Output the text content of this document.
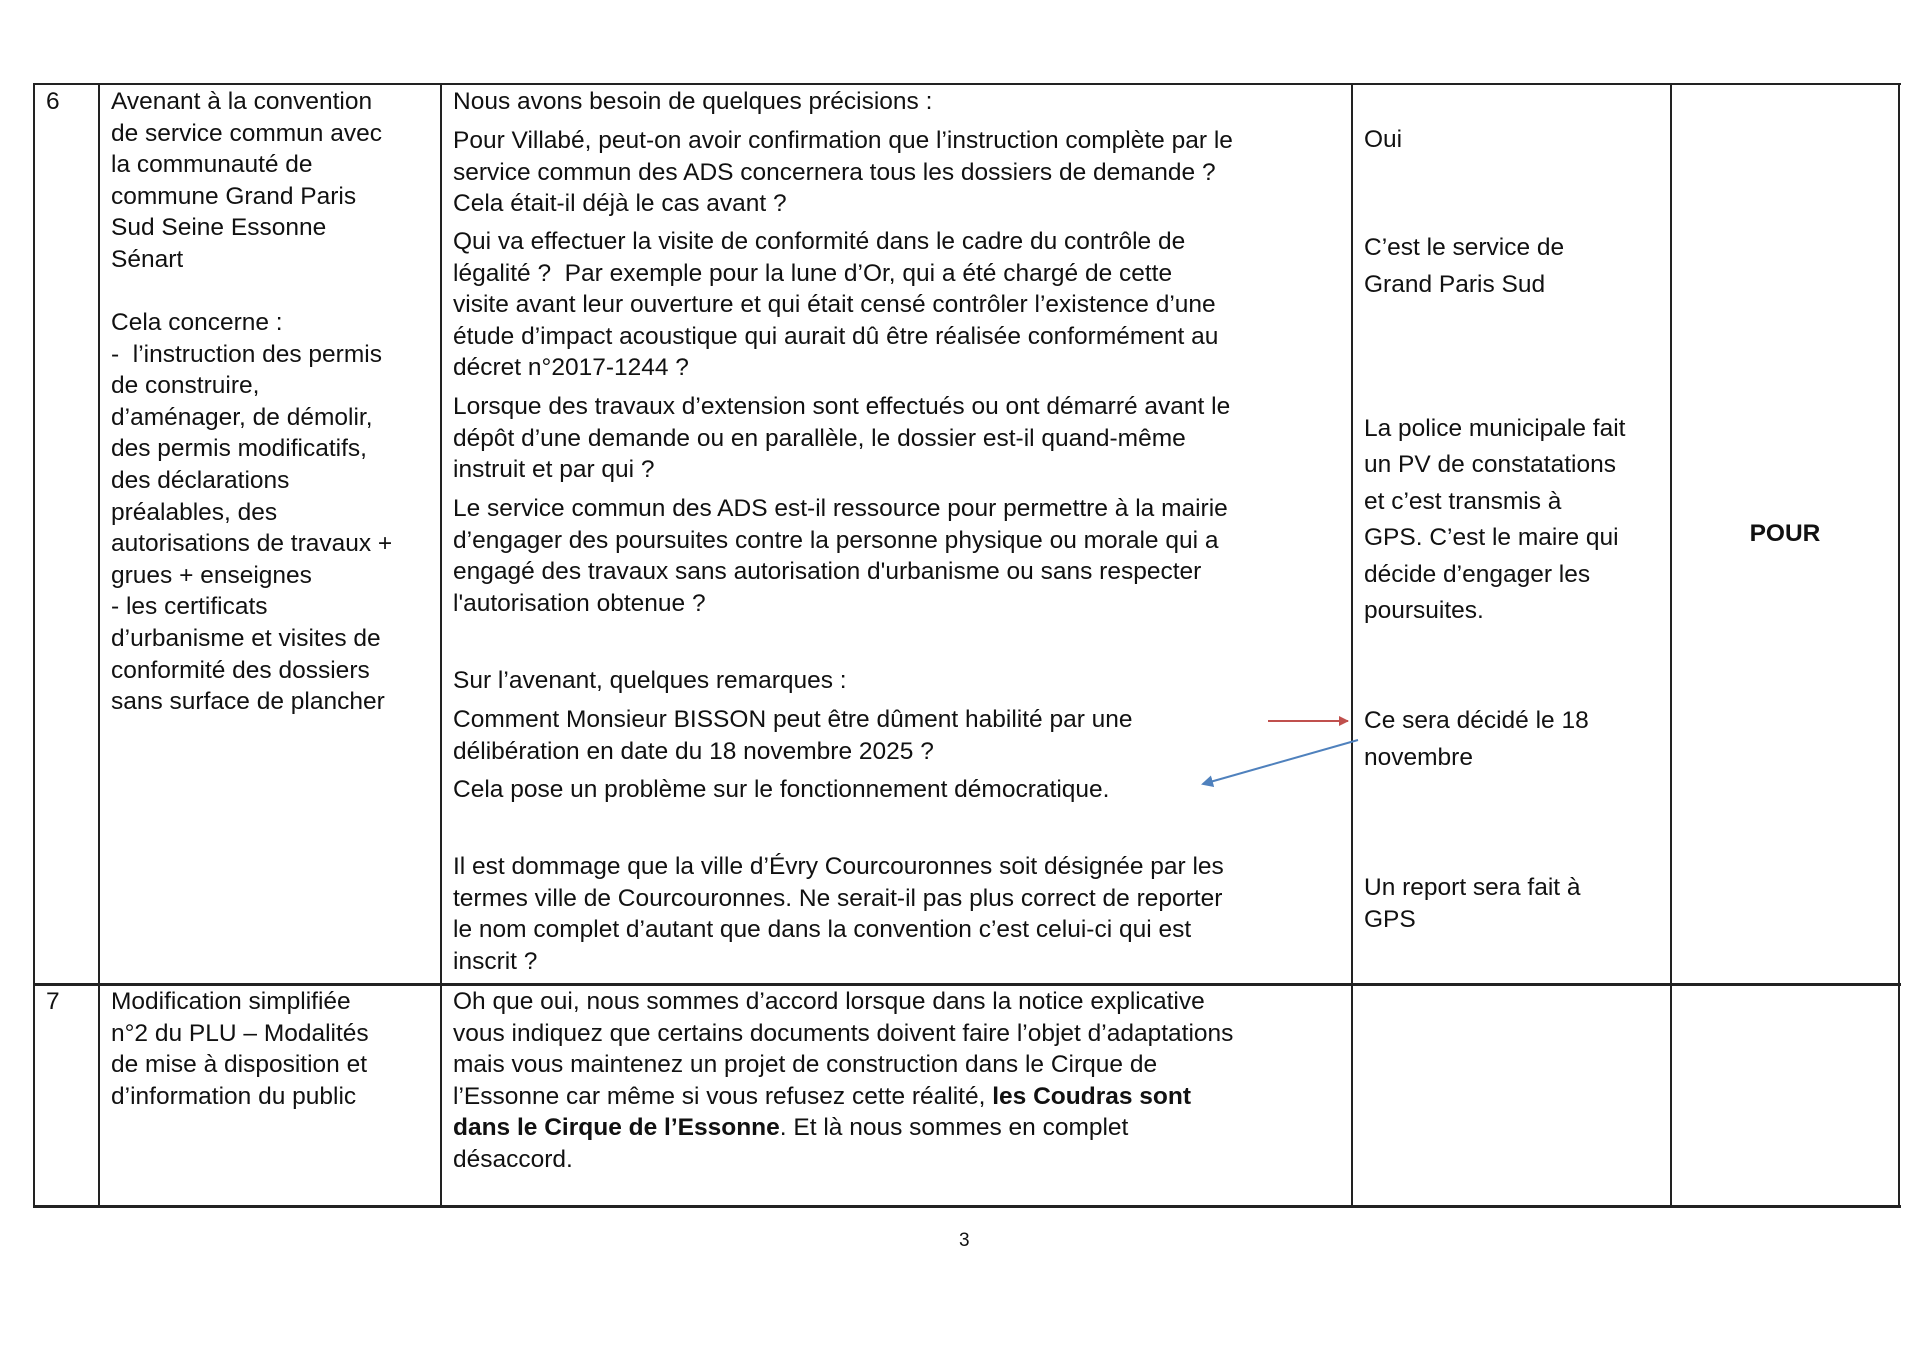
6 Avenant à la convention
de service commun avec
la communauté de
commune Grand Paris
Sud Seine Essonne
Sénart
Cela concerne :
-  l’instruction des permis
de construire,
d’aménager, de démolir,
des permis modificatifs,
des déclarations
préalables, des
autorisations de travaux +
grues + enseignes
- les certificats
d’urbanisme et visites de
conformité des dossiers
sans surface de plancher
Nous avons besoin de quelques précisions :
Pour Villabé, peut-on avoir confirmation que l’instruction complète par le
service commun des ADS concernera tous les dossiers de demande ?
Cela était-il déjà le cas avant ?
Qui va effectuer la visite de conformité dans le cadre du contrôle de
légalité ?  Par exemple pour la lune d’Or, qui a été chargé de cette
visite avant leur ouverture et qui était censé contrôler l’existence d’une
étude d’impact acoustique qui aurait dû être réalisée conformément au
décret n°2017-1244 ?
Lorsque des travaux d’extension sont effectués ou ont démarré avant le
dépôt d’une demande ou en parallèle, le dossier est-il quand-même
instruit et par qui ?
Le service commun des ADS est-il ressource pour permettre à la mairie
d’engager des poursuites contre la personne physique ou morale qui a
engagé des travaux sans autorisation d'urbanisme ou sans respecter
l'autorisation obtenue ?
Sur l’avenant, quelques remarques :
Comment Monsieur BISSON peut être dûment habilité par une
délibération en date du 18 novembre 2025 ?
Cela pose un problème sur le fonctionnement démocratique.
Il est dommage que la ville d’Évry Courcouronnes soit désignée par les
termes ville de Courcouronnes. Ne serait-il pas plus correct de reporter
le nom complet d’autant que dans la convention c’est celui-ci qui est
inscrit ?
Oui
C’est le service de
Grand Paris Sud
La police municipale fait
un PV de constatations
et c’est transmis à
GPS. C’est le maire qui
décide d’engager les
poursuites.
Ce sera décidé le 18
novembre
Un report sera fait à
GPS
POUR
7 Modification simplifiée
n°2 du PLU – Modalités
de mise à disposition et
d’information du public
Oh que oui, nous sommes d’accord lorsque dans la notice explicative
vous indiquez que certains documents doivent faire l’objet d’adaptations
mais vous maintenez un projet de construction dans le Cirque de
l’Essonne car même si vous refusez cette réalité, les Coudras sont
dans le Cirque de l’Essonne. Et là nous sommes en complet
désaccord.
3
